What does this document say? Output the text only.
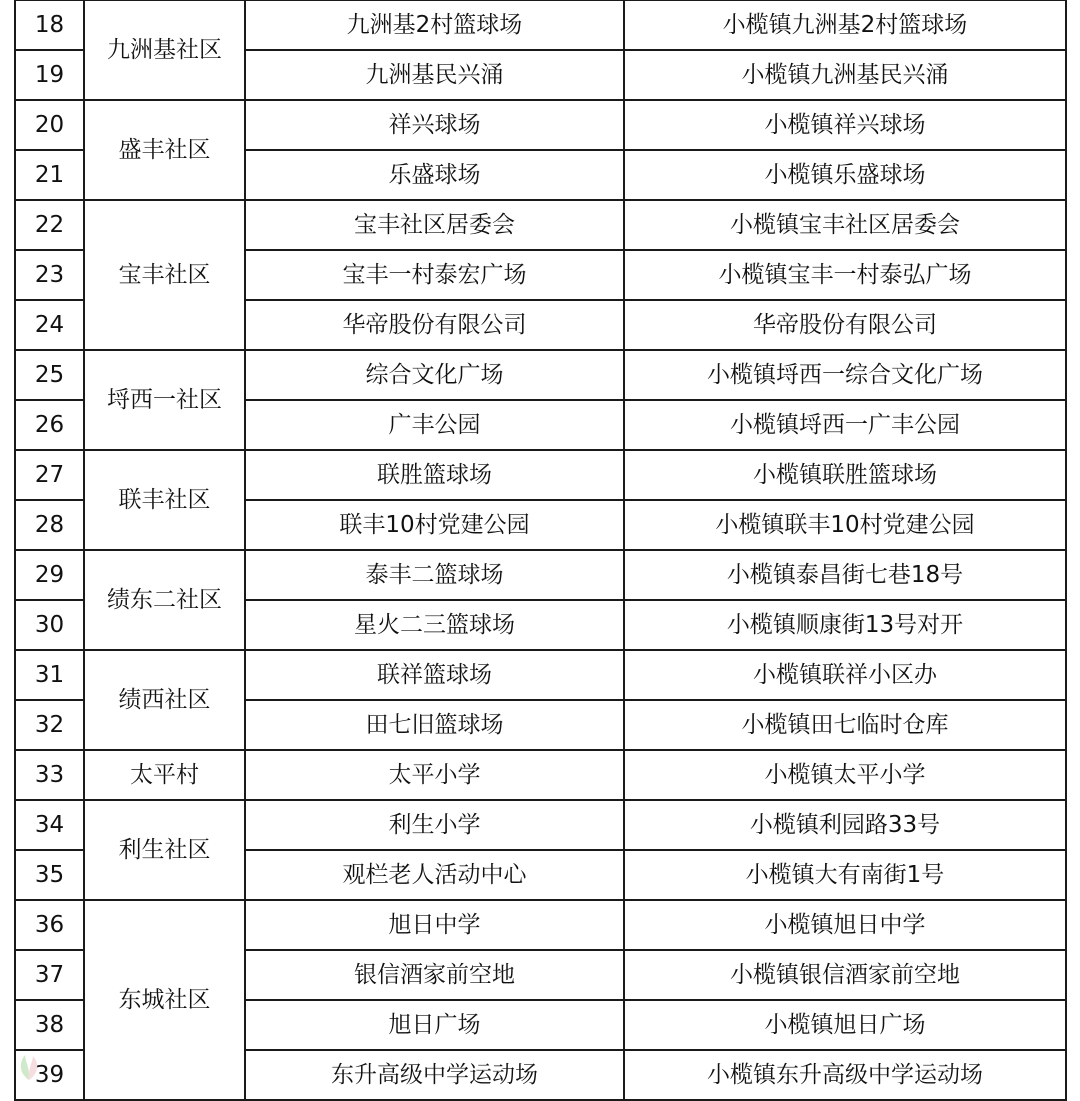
18	九洲基社区	九洲基2村篮球场	小榄镇九洲基2村篮球场
19		九洲基民兴涌	小榄镇九洲基民兴涌
20	盛丰社区	祥兴球场	小榄镇祥兴球场
21		乐盛球场	小榄镇乐盛球场
22	宝丰社区	宝丰社区居委会	小榄镇宝丰社区居委会
23		宝丰一村泰宏广场	小榄镇宝丰一村泰弘广场
24		华帝股份有限公司	华帝股份有限公司
25	埒西一社区	综合文化广场	小榄镇埒西一综合文化广场
26		广丰公园	小榄镇埒西一广丰公园
27	联丰社区	联胜篮球场	小榄镇联胜篮球场
28		联丰10村党建公园	小榄镇联丰10村党建公园
29	绩东二社区	泰丰二篮球场	小榄镇泰昌街七巷18号
30		星火二三篮球场	小榄镇顺康街13号对开
31	绩西社区	联祥篮球场	小榄镇联祥小区办
32		田七旧篮球场	小榄镇田七临时仓库
33	太平村	太平小学	小榄镇太平小学
34	利生社区	利生小学	小榄镇利园路33号
35		观栏老人活动中心	小榄镇大有南街1号
36	东城社区	旭日中学	小榄镇旭日中学
37		银信酒家前空地	小榄镇银信酒家前空地
38		旭日广场	小榄镇旭日广场
39		东升高级中学运动场	小榄镇东升高级中学运动场
